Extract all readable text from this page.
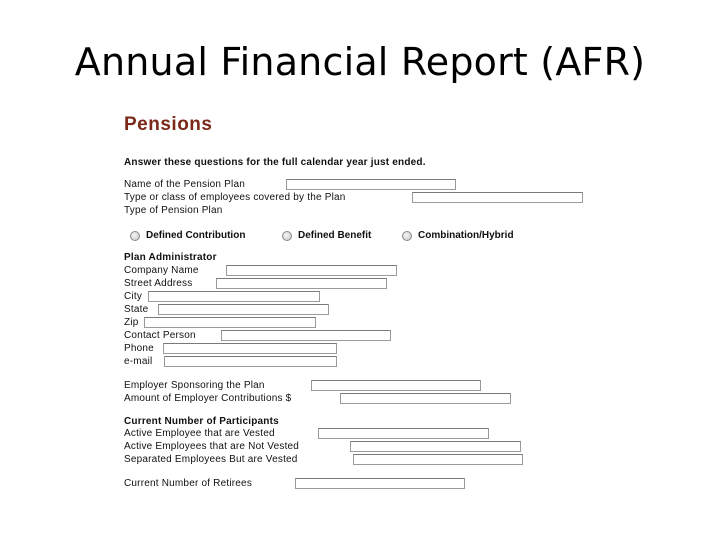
Annual Financial Report (AFR)
Pensions
Answer these questions for the full calendar year just ended.
Name of the Pension Plan
Type or class of employees covered by the Plan
Type of Pension Plan
Defined Contribution	Defined Benefit	Combination/Hybrid
Plan Administrator
Company Name
Street Address
City
State
Zip
Contact Person
Phone
e-mail
Employer Sponsoring the Plan
Amount of Employer Contributions $
Current Number of Participants
Active Employee that are Vested
Active Employees that are Not Vested
Separated Employees But are Vested
Current Number of Retirees
